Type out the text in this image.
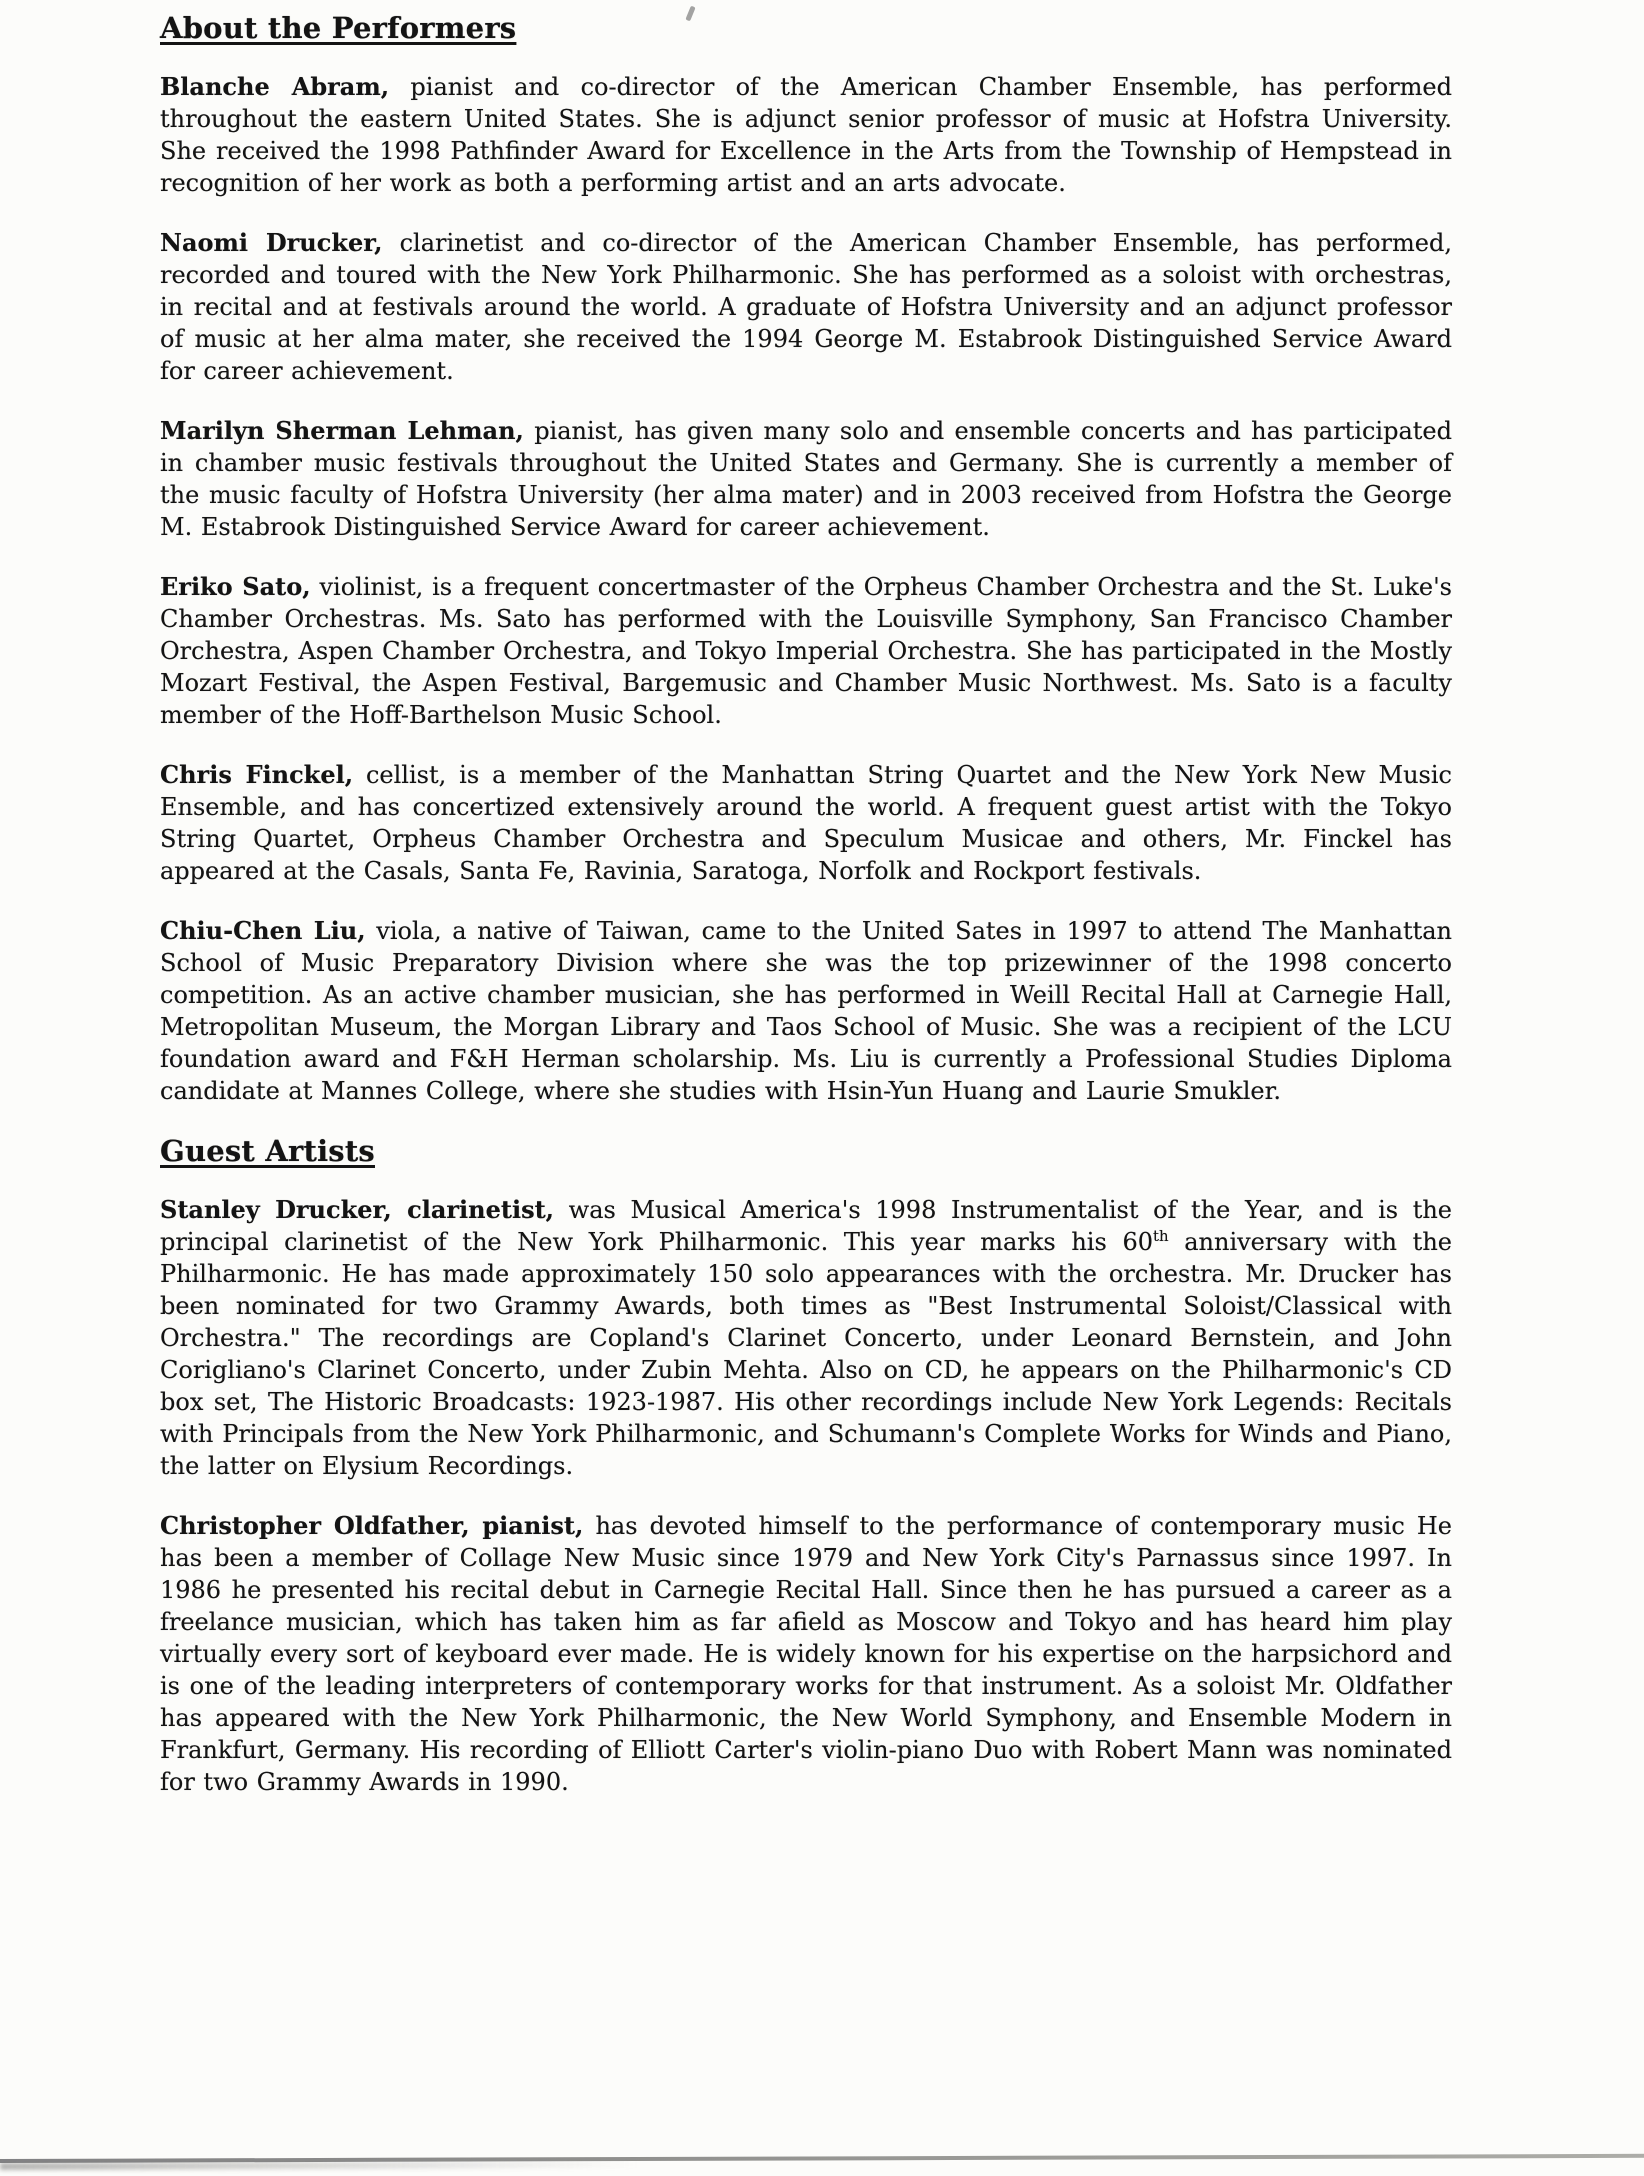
About the Performers

Blanche Abram, pianist and co-director of the American Chamber Ensemble, has performed throughout the eastern United States. She is adjunct senior professor of music at Hofstra University. She received the 1998 Pathfinder Award for Excellence in the Arts from the Township of Hempstead in recognition of her work as both a performing artist and an arts advocate.

Naomi Drucker, clarinetist and co-director of the American Chamber Ensemble, has performed, recorded and toured with the New York Philharmonic. She has performed as a soloist with orchestras, in recital and at festivals around the world. A graduate of Hofstra University and an adjunct professor of music at her alma mater, she received the 1994 George M. Estabrook Distinguished Service Award for career achievement.

Marilyn Sherman Lehman, pianist, has given many solo and ensemble concerts and has participated in chamber music festivals throughout the United States and Germany. She is currently a member of the music faculty of Hofstra University (her alma mater) and in 2003 received from Hofstra the George M. Estabrook Distinguished Service Award for career achievement.

Eriko Sato, violinist, is a frequent concertmaster of the Orpheus Chamber Orchestra and the St. Luke's Chamber Orchestras. Ms. Sato has performed with the Louisville Symphony, San Francisco Chamber Orchestra, Aspen Chamber Orchestra, and Tokyo Imperial Orchestra. She has participated in the Mostly Mozart Festival, the Aspen Festival, Bargemusic and Chamber Music Northwest. Ms. Sato is a faculty member of the Hoff-Barthelson Music School.

Chris Finckel, cellist, is a member of the Manhattan String Quartet and the New York New Music Ensemble, and has concertized extensively around the world. A frequent guest artist with the Tokyo String Quartet, Orpheus Chamber Orchestra and Speculum Musicae and others, Mr. Finckel has appeared at the Casals, Santa Fe, Ravinia, Saratoga, Norfolk and Rockport festivals.

Chiu-Chen Liu, viola, a native of Taiwan, came to the United Sates in 1997 to attend The Manhattan School of Music Preparatory Division where she was the top prizewinner of the 1998 concerto competition. As an active chamber musician, she has performed in Weill Recital Hall at Carnegie Hall, Metropolitan Museum, the Morgan Library and Taos School of Music. She was a recipient of the LCU foundation award and F&H Herman scholarship. Ms. Liu is currently a Professional Studies Diploma candidate at Mannes College, where she studies with Hsin-Yun Huang and Laurie Smukler.

Guest Artists

Stanley Drucker, clarinetist, was Musical America's 1998 Instrumentalist of the Year, and is the principal clarinetist of the New York Philharmonic. This year marks his 60th anniversary with the Philharmonic. He has made approximately 150 solo appearances with the orchestra. Mr. Drucker has been nominated for two Grammy Awards, both times as "Best Instrumental Soloist/Classical with Orchestra." The recordings are Copland's Clarinet Concerto, under Leonard Bernstein, and John Corigliano's Clarinet Concerto, under Zubin Mehta. Also on CD, he appears on the Philharmonic's CD box set, The Historic Broadcasts: 1923-1987. His other recordings include New York Legends: Recitals with Principals from the New York Philharmonic, and Schumann's Complete Works for Winds and Piano, the latter on Elysium Recordings.

Christopher Oldfather, pianist, has devoted himself to the performance of contemporary music He has been a member of Collage New Music since 1979 and New York City's Parnassus since 1997. In 1986 he presented his recital debut in Carnegie Recital Hall. Since then he has pursued a career as a freelance musician, which has taken him as far afield as Moscow and Tokyo and has heard him play virtually every sort of keyboard ever made. He is widely known for his expertise on the harpsichord and is one of the leading interpreters of contemporary works for that instrument. As a soloist Mr. Oldfather has appeared with the New York Philharmonic, the New World Symphony, and Ensemble Modern in Frankfurt, Germany. His recording of Elliott Carter's violin-piano Duo with Robert Mann was nominated for two Grammy Awards in 1990.
